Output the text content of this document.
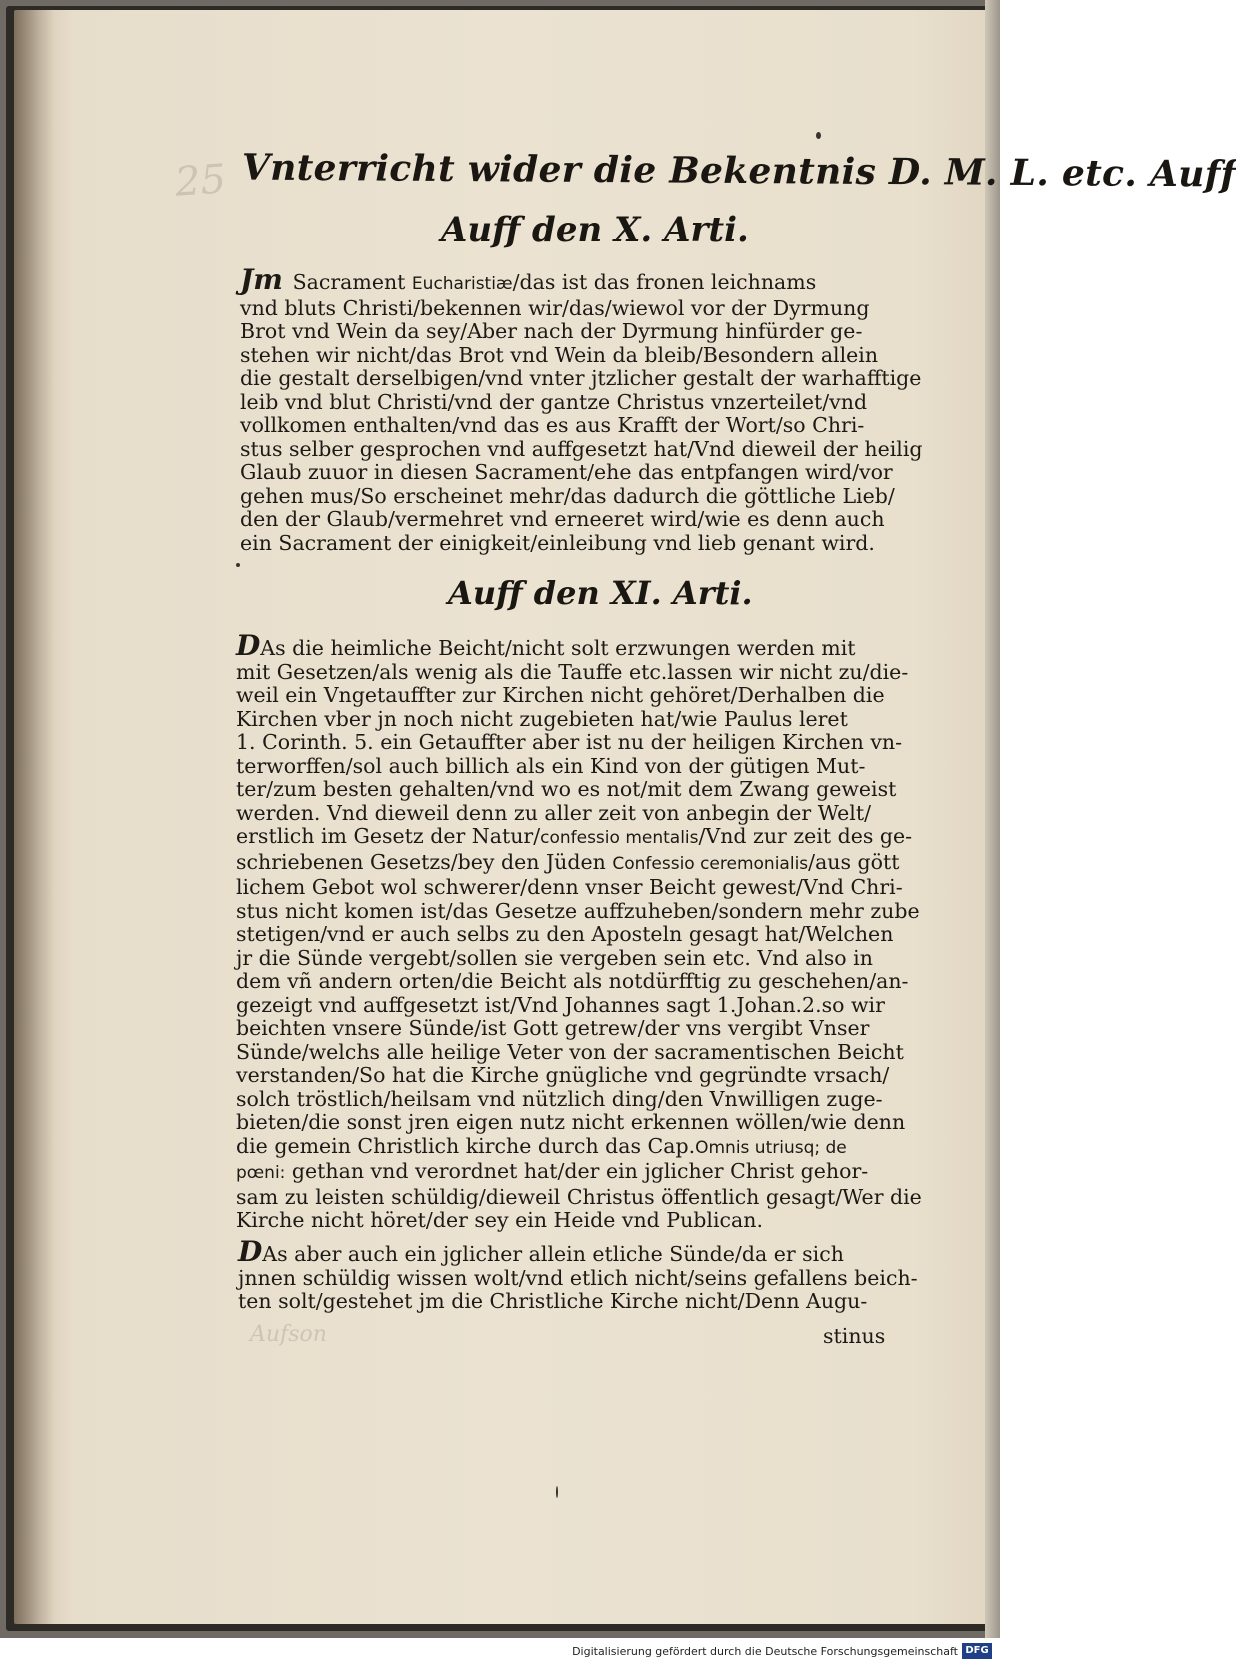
25
Aufson
Vnterricht wider die Bekentnis D. M. L. etc. Auff
Auff den X. Arti.
Auff den XI. Arti.
Jm Sacrament Eucharistiæ/das ist das fronen leichnams
vnd bluts Christi/bekennen wir/das/wiewol vor der Dyrmung
Brot vnd Wein da sey/Aber nach der Dyrmung hinfürder ge-
stehen wir nicht/das Brot vnd Wein da bleib/Besondern allein
die gestalt derselbigen/vnd vnter jtzlicher gestalt der warhafftige
leib vnd blut Christi/vnd der gantze Christus vnzerteilet/vnd
vollkomen enthalten/vnd das es aus Krafft der Wort/so Chri-
stus selber gesprochen vnd auffgesetzt hat/Vnd dieweil der heilig
Glaub zuuor in diesen Sacrament/ehe das entpfangen wird/vor
gehen mus/So erscheinet mehr/das dadurch die göttliche Lieb/
den der Glaub/vermehret vnd erneeret wird/wie es denn auch
ein Sacrament der einigkeit/einleibung vnd lieb genant wird.
DAs die heimliche Beicht/nicht solt erzwungen werden mit
mit Gesetzen/als wenig als die Tauffe etc.lassen wir nicht zu/die-
weil ein Vngetauffter zur Kirchen nicht gehöret/Derhalben die
Kirchen vber jn noch nicht zugebieten hat/wie Paulus leret
1. Corinth. 5. ein Getauffter aber ist nu der heiligen Kirchen vn-
terworffen/sol auch billich als ein Kind von der gütigen Mut-
ter/zum besten gehalten/vnd wo es not/mit dem Zwang geweist
werden. Vnd dieweil denn zu aller zeit von anbegin der Welt/
erstlich im Gesetz der Natur/confessio mentalis/Vnd zur zeit des ge-
schriebenen Gesetzs/bey den Jüden Confessio ceremonialis/aus gött
lichem Gebot wol schwerer/denn vnser Beicht gewest/Vnd Chri-
stus nicht komen ist/das Gesetze auffzuheben/sondern mehr zube
stetigen/vnd er auch selbs zu den Aposteln gesagt hat/Welchen
jr die Sünde vergebt/sollen sie vergeben sein etc. Vnd also in
dem vñ andern orten/die Beicht als notdürfftig zu geschehen/an-
gezeigt vnd auffgesetzt ist/Vnd Johannes sagt 1.Johan.2.so wir
beichten vnsere Sünde/ist Gott getrew/der vns vergibt Vnser
Sünde/welchs alle heilige Veter von der sacramentischen Beicht
verstanden/So hat die Kirche gnügliche vnd gegründte vrsach/
solch tröstlich/heilsam vnd nützlich ding/den Vnwilligen zuge-
bieten/die sonst jren eigen nutz nicht erkennen wöllen/wie denn
die gemein Christlich kirche durch das Cap.Omnis utriusq; de
pœni: gethan vnd verordnet hat/der ein jglicher Christ gehor-
sam zu leisten schüldig/dieweil Christus öffentlich gesagt/Wer die
Kirche nicht höret/der sey ein Heide vnd Publican.
DAs aber auch ein jglicher allein etliche Sünde/da er sich
jnnen schüldig wissen wolt/vnd etlich nicht/seins gefallens beich-
ten solt/gestehet jm die Christliche Kirche nicht/Denn Augu-
stinus
Digitalisierung gefördert durch die Deutsche Forschungsgemeinschaft DFG
